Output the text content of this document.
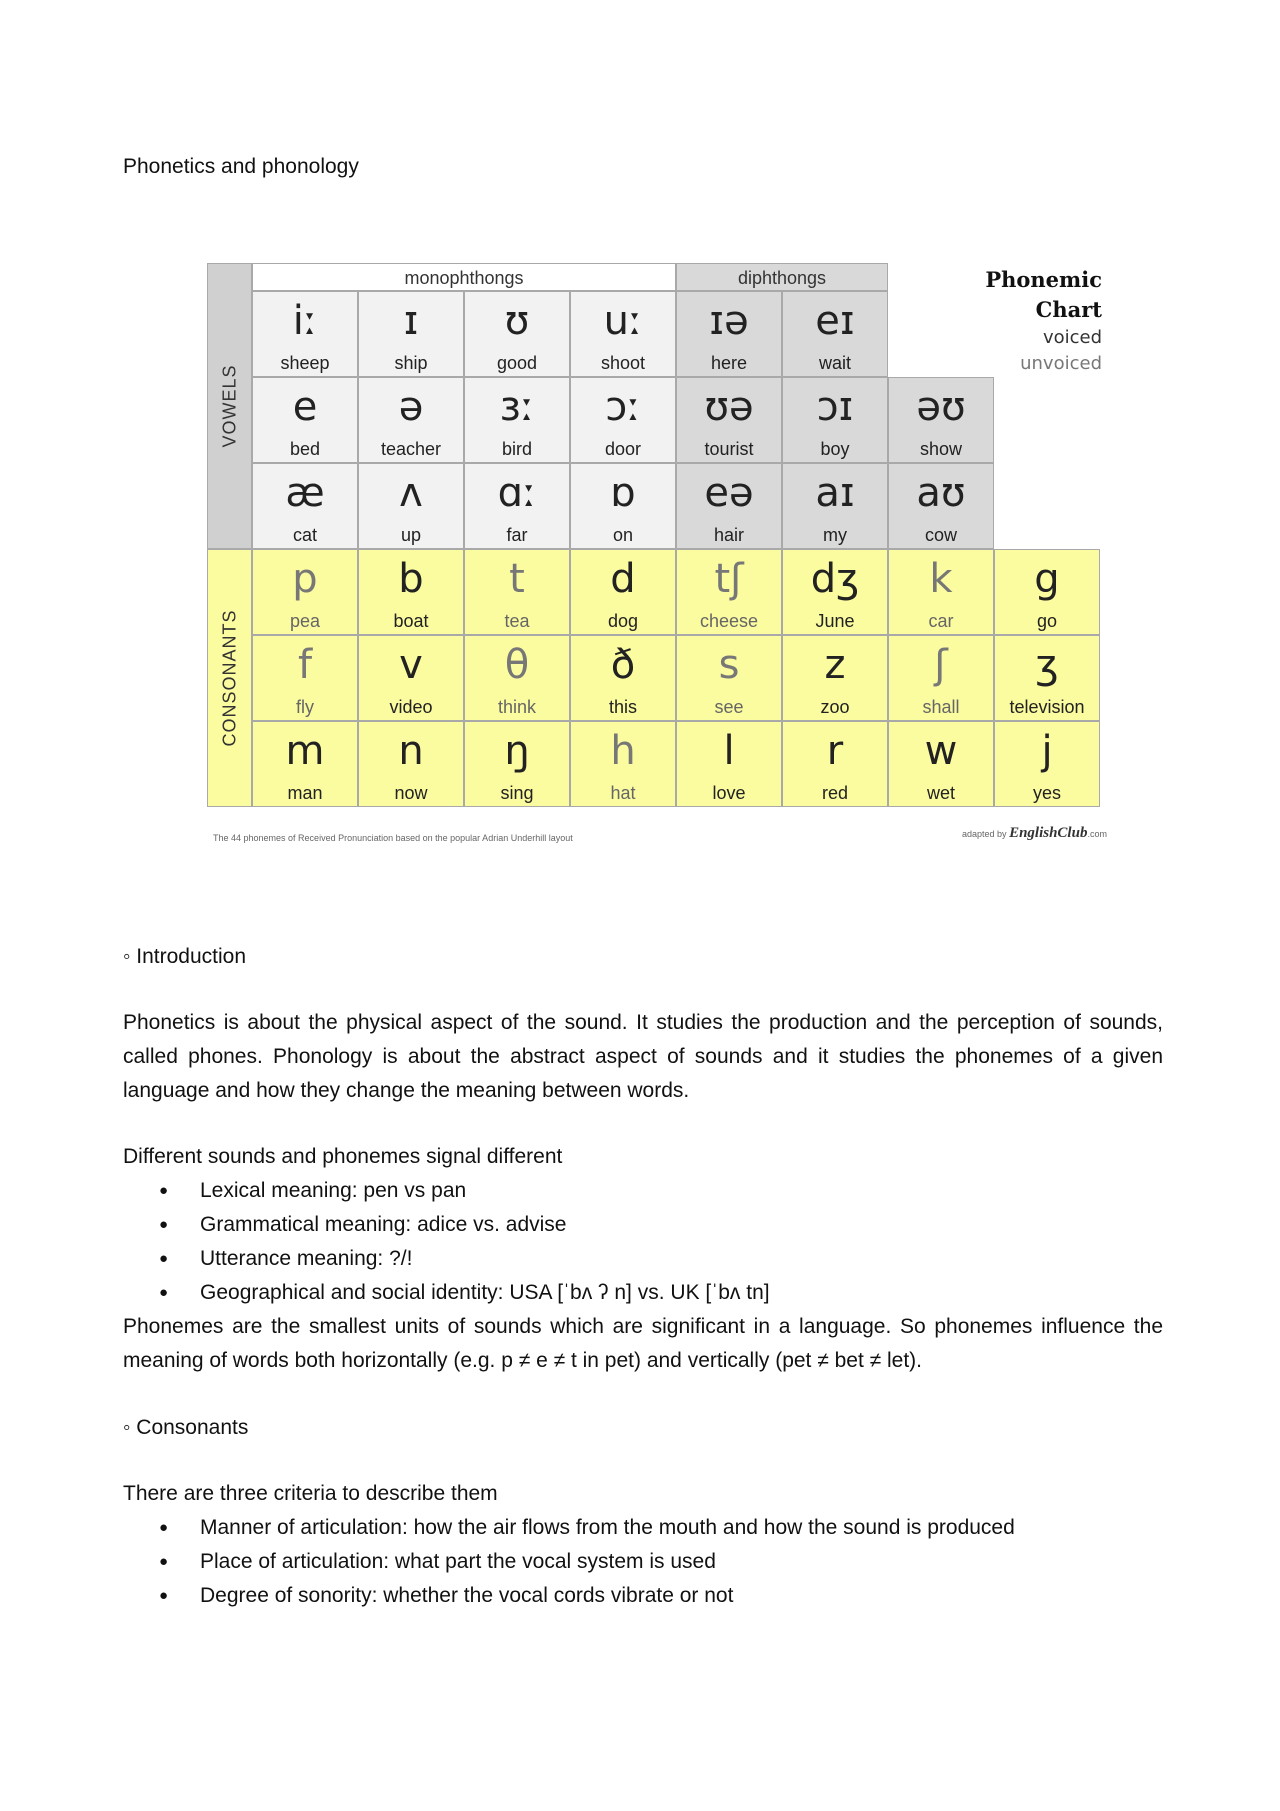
Phonetics and phonology
VOWELS
CONSONANTS
monophthongs	diphthongs
iː
sheep
ɪ
ship
ʊ
good
uː
shoot
ɪə
here
eɪ
wait
e
bed
ə
teacher
ɜː
bird
ɔː
door
ʊə
tourist
ɔɪ
boy
əʊ
show
æ
cat
ʌ
up
ɑː
far
ɒ
on
eə
hair
aɪ
my
aʊ
cow
p
pea
b
boat
t
tea
d
dog
tʃ
cheese
dʒ
June
k
car
g
go
f
fly
v
video
θ
think
ð
this
s
see
z
zoo
ʃ
shall
ʒ
television
m
man
n
now
ŋ
sing
h
hat
l
love
r
red
w
wet
j
yes
Phonemic
Chart
voiced
unvoiced
The 44 phonemes of Received Pronunciation based on the popular Adrian Underhill layout	adapted by EnglishClub.com
◦ Introduction
Phonetics is about the physical aspect of the sound. It studies the production and the perception of sounds, called phones. Phonology is about the abstract aspect of sounds and it studies the phonemes of a given language and how they change the meaning between words.
Different sounds and phonemes signal different
● Lexical meaning: pen vs pan
● Grammatical meaning: adice vs. advise
● Utterance meaning: ?/!
● Geographical and social identity: USA [ˈbʌ ʔ n] vs. UK [ˈbʌ tn]
Phonemes are the smallest units of sounds which are significant in a language. So phonemes influence the meaning of words both horizontally (e.g. p ≠ e ≠ t in pet) and vertically (pet ≠ bet ≠ let).
◦ Consonants
There are three criteria to describe them
● Manner of articulation: how the air flows from the mouth and how the sound is produced
● Place of articulation: what part the vocal system is used
● Degree of sonority: whether the vocal cords vibrate or not
